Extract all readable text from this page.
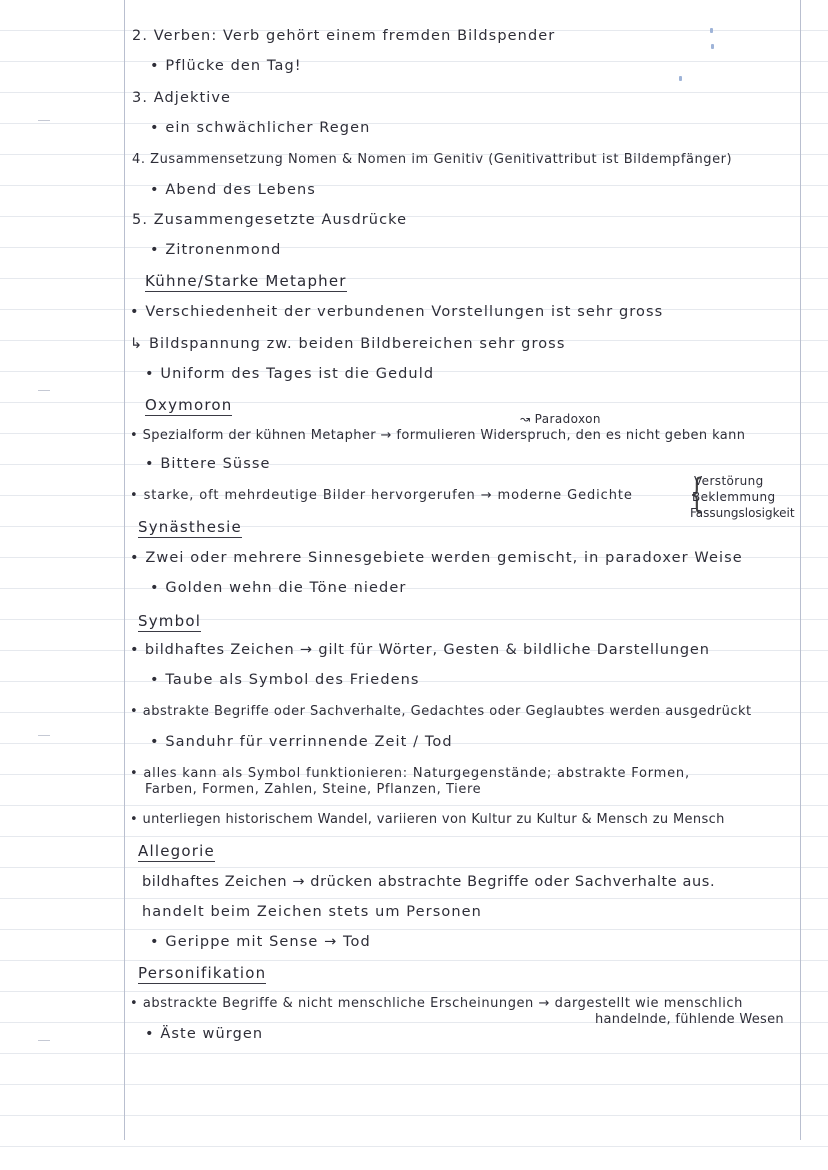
2. Verben: Verb gehört einem fremden Bildspender
• Pflücke den Tag!
3. Adjektive
• ein schwächlicher Regen
4. Zusammensetzung Nomen & Nomen im Genitiv (Genitivattribut ist Bildempfänger)
• Abend des Lebens
5. Zusammengesetzte Ausdrücke
• Zitronenmond
Kühne/Starke Metapher
• Verschiedenheit der verbundenen Vorstellungen ist sehr gross
↳ Bildspannung zw. beiden Bildbereichen sehr gross
• Uniform des Tages ist die Geduld
Oxymoron
↝ Paradoxon
• Spezialform der kühnen Metapher → formulieren Widerspruch, den es nicht geben kann
• Bittere Süsse
• starke, oft mehrdeutige Bilder hervorgerufen → moderne Gedichte {
Verstörung
Beklemmung
Fassungslosigkeit
Synästhesie
• Zwei oder mehrere Sinnesgebiete werden gemischt, in paradoxer Weise
• Golden wehn die Töne nieder
Symbol
• bildhaftes Zeichen → gilt für Wörter, Gesten & bildliche Darstellungen
• Taube als Symbol des Friedens
• abstrakte Begriffe oder Sachverhalte, Gedachtes oder Geglaubtes werden ausgedrückt
• Sanduhr für verrinnende Zeit / Tod
• alles kann als Symbol funktionieren: Naturgegenstände; abstrakte Formen,
Farben, Formen, Zahlen, Steine, Pflanzen, Tiere
• unterliegen historischem Wandel, variieren von Kultur zu Kultur & Mensch zu Mensch
Allegorie
bildhaftes Zeichen → drücken abstrachte Begriffe oder Sachverhalte aus.
handelt beim Zeichen stets um Personen
• Gerippe mit Sense → Tod
Personifikation
• abstrackte Begriffe & nicht menschliche Erscheinungen → dargestellt wie menschlich
handelnde, fühlende Wesen
• Äste würgen
